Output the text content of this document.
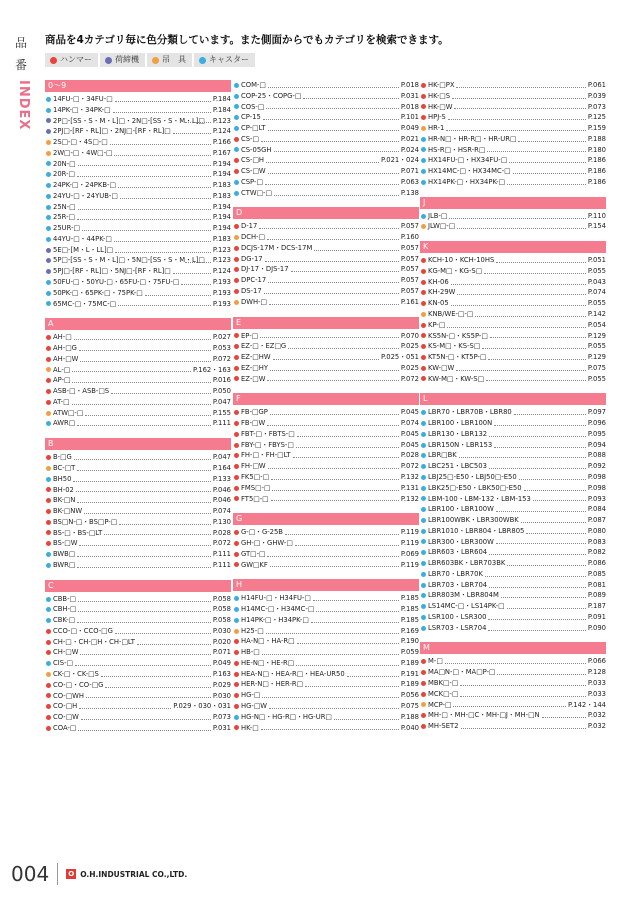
品
番
INDEX
商品を4カテゴリ毎に色分類しています。また側面からでもカテゴリを検索できます。
ハンマー	荷締機	吊　具	キャスター
0～9
14FU-□・34FU-□	P.184
14PK-□・34PK-□	P.184
2P□-[SS・S・M・L]□・2N□-[SS・S・M・L]□ P.123
2PJ□-[RF・RL]□・2NJ□-[RF・RL]□	P.124
2S□-□・4S□-□	P.166
2W□-□・4W□-□	P.167
20N-□	P.194
20R-□	P.194
24PK-□・24PKB-□	P.183
24YU-□・24YUB-□	P.183
25N-□	P.194
25R-□	P.194
25UR-□	P.194
44YU-□・44PK-□	P.183
5E□-[M・L・LL]□	P.123
5P□-[SS・S・M・L]□・5N□-[SS・S・M・L]□ P.123
5PJ□-[RF・RL]□・5NJ□-[RF・RL]□	P.124
50FU-□・50YU-□・65FU-□・75FU-□	P.193
50PK-□・65PK-□・75PK-□	P.193
65MC-□・75MC-□	P.193
A
AH-□	P.027
AH-□G	P.053
AH-□W	P.072
AL-□	P.162・163
AP-□	P.016
ASB-□・ASB-□S	P.050
AT-□	P.047
ATW□-□	P.155
AWR□	P.111
B
B-□G	P.047
BC-□T	P.164
BH50	P.133
BH-02	P.046
BK-□N	P.046
BK-□NW	P.074
BS□N-□・BS□P-□	P.130
BS-□・BS-□LT	P.028
BS-□W	P.072
BWB□	P.111
BWR□	P.111
C
CBB-□	P.058
CBH-□	P.058
CBK-□	P.058
CCO-□・CCO-□G	P.030
CH-□・CH-□H・CH-□LT	P.020
CH-□W	P.071
CIS-□	P.049
CK-□・CK-□S	P.163
CO-□・CO-□G	P.029
CO-□WH	P.030
CO-□H	P.029・030・031
CO-□W	P.073
COA-□	P.031
COM-□	P.018
COP-25・COPG-□	P.031
COS-□	P.018
CP-15	P.101
CP-□LT	P.049
CS-□	P.021
CS-05GH	P.024
CS-□H	P.021・024
CS-□W	P.071
CSP-□	P.063
CTW□-□	P.138
D
D-17	P.057
DCH-□	P.160
DCJS-17M・DCS-17M	P.057
DG-17	P.057
DJ-17・DJS-17	P.057
DPC-17	P.057
DS-17	P.057
DWH-□	P.161
E
EP-□	P.070
EZ-□・EZ□G	P.025
EZ-□HW	P.025・051
EZ-□HY	P.025
EZ-□W	P.072
F
FB-□GP	P.045
FB-□W	P.074
FBT-□・FBTS-□	P.045
FBY-□・FBYS-□	P.045
FH-□・FH-□LT	P.028
FH-□W	P.072
FK5□-□	P.132
FMS□-□	P.131
FT5□-□	P.132
G
G-□・G-25B	P.119
GH-□・GHW-□	P.119
GT□-□	P.069
GW□KF	P.119
H
H14FU-□・H34FU-□	P.185
H14MC-□・H34MC-□	P.185
H14PK-□・H34PK-□	P.185
H25-□	P.169
HA-N□・HA-R□	P.190
HB-□	P.059
HE-N□・HE-R□	P.189
HEA-N□・HEA-R□・HEA-UR50	P.191
HER-N□・HER-R□	P.189
HG-□	P.056
HG-□W	P.075
HG-N□・HG-R□・HG-UR□	P.188
HK-□	P.040
HK-□PX	P.061
HK-□S	P.039
HK-□W	P.073
HPJ-S	P.125
HR-1	P.159
HR-N□・HR-R□・HR-UR□	P.188
HS-R□・HSR-R□	P.180
HX14FU-□・HX34FU-□	P.186
HX14MC-□・HX34MC-□	P.186
HX14PK-□・HX34PK-□	P.186
J
JLB-□	P.110
JLW□-□	P.154
K
KCH-10・KCH-10HS	P.051
KG-M□・KG-S□	P.055
KH-06	P.043
KH-29W	P.074
KN-05	P.055
KNB/WE-□-□	P.142
KP-□	P.054
KS5N-□・KS5P-□	P.129
KS-M□・KS-S□	P.055
KT5N-□・KT5P-□	P.129
KW-□W	P.075
KW-M□・KW-S□	P.055
L
LBR70・LBR70B・LBR80	P.097
LBR100・LBR100N	P.096
LBR130・LBR132	P.095
LBR150N・LBR153	P.094
LBR□BK	P.088
LBC251・LBC503	P.092
LBJ25□-E50・LBJ50□-E50	P.098
LBK25□-E50・LBK50□-E50	P.098
LBM-100・LBM-132・LBM-153	P.093
LBR100・LBR100W	P.084
LBR100WBK・LBR300WBK	P.087
LBR1010・LBR804・LBR805	P.080
LBR300・LBR300W	P.083
LBR603・LBR604	P.082
LBR603BK・LBR703BK	P.086
LBR70・LBR70K	P.085
LBR703・LBR704	P.081
LBR803M・LBR804M	P.089
LS14MC-□・LS14PK-□	P.187
LSR100・LSR300	P.091
LSR703・LSR704	P.090
M
M-□	P.066
MA□N-□・MA□P-□	P.128
MBK□-□	P.033
MCK□-□	P.033
MCP-□	P.142・144
MH-□・MH-□C・MH-□J・MH-□N	P.032
MH-SET2	P.032
004	O O.H.INDUSTRIAL CO.,LTD.
